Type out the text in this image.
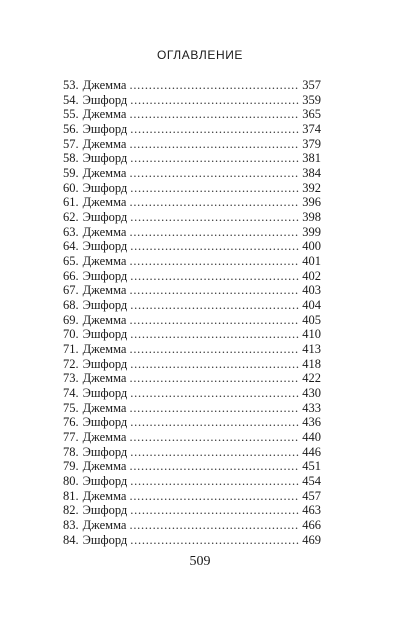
ОГЛАВЛЕНИЕ
53. Джемма . . .	357
54. Эшфорд . . .	359
55. Джемма . . .	365
56. Эшфорд . . .	374
57. Джемма . . .	379
58. Эшфорд . . .	381
59. Джемма . . .	384
60. Эшфорд . . .	392
61. Джемма . . .	396
62. Эшфорд . . .	398
63. Джемма . . .	399
64. Эшфорд . . .	400
65. Джемма . . .	401
66. Эшфорд . . .	402
67. Джемма . . .	403
68. Эшфорд . . .	404
69. Джемма . . .	405
70. Эшфорд . . .	410
71. Джемма . . .	413
72. Эшфорд . . .	418
73. Джемма . . .	422
74. Эшфорд . . .	430
75. Джемма . . .	433
76. Эшфорд . . .	436
77. Джемма . . .	440
78. Эшфорд . . .	446
79. Джемма . . .	451
80. Эшфорд . . .	454
81. Джемма . . .	457
82. Эшфорд . . .	463
83. Джемма . . .	466
84. Эшфорд . . .	469
509
